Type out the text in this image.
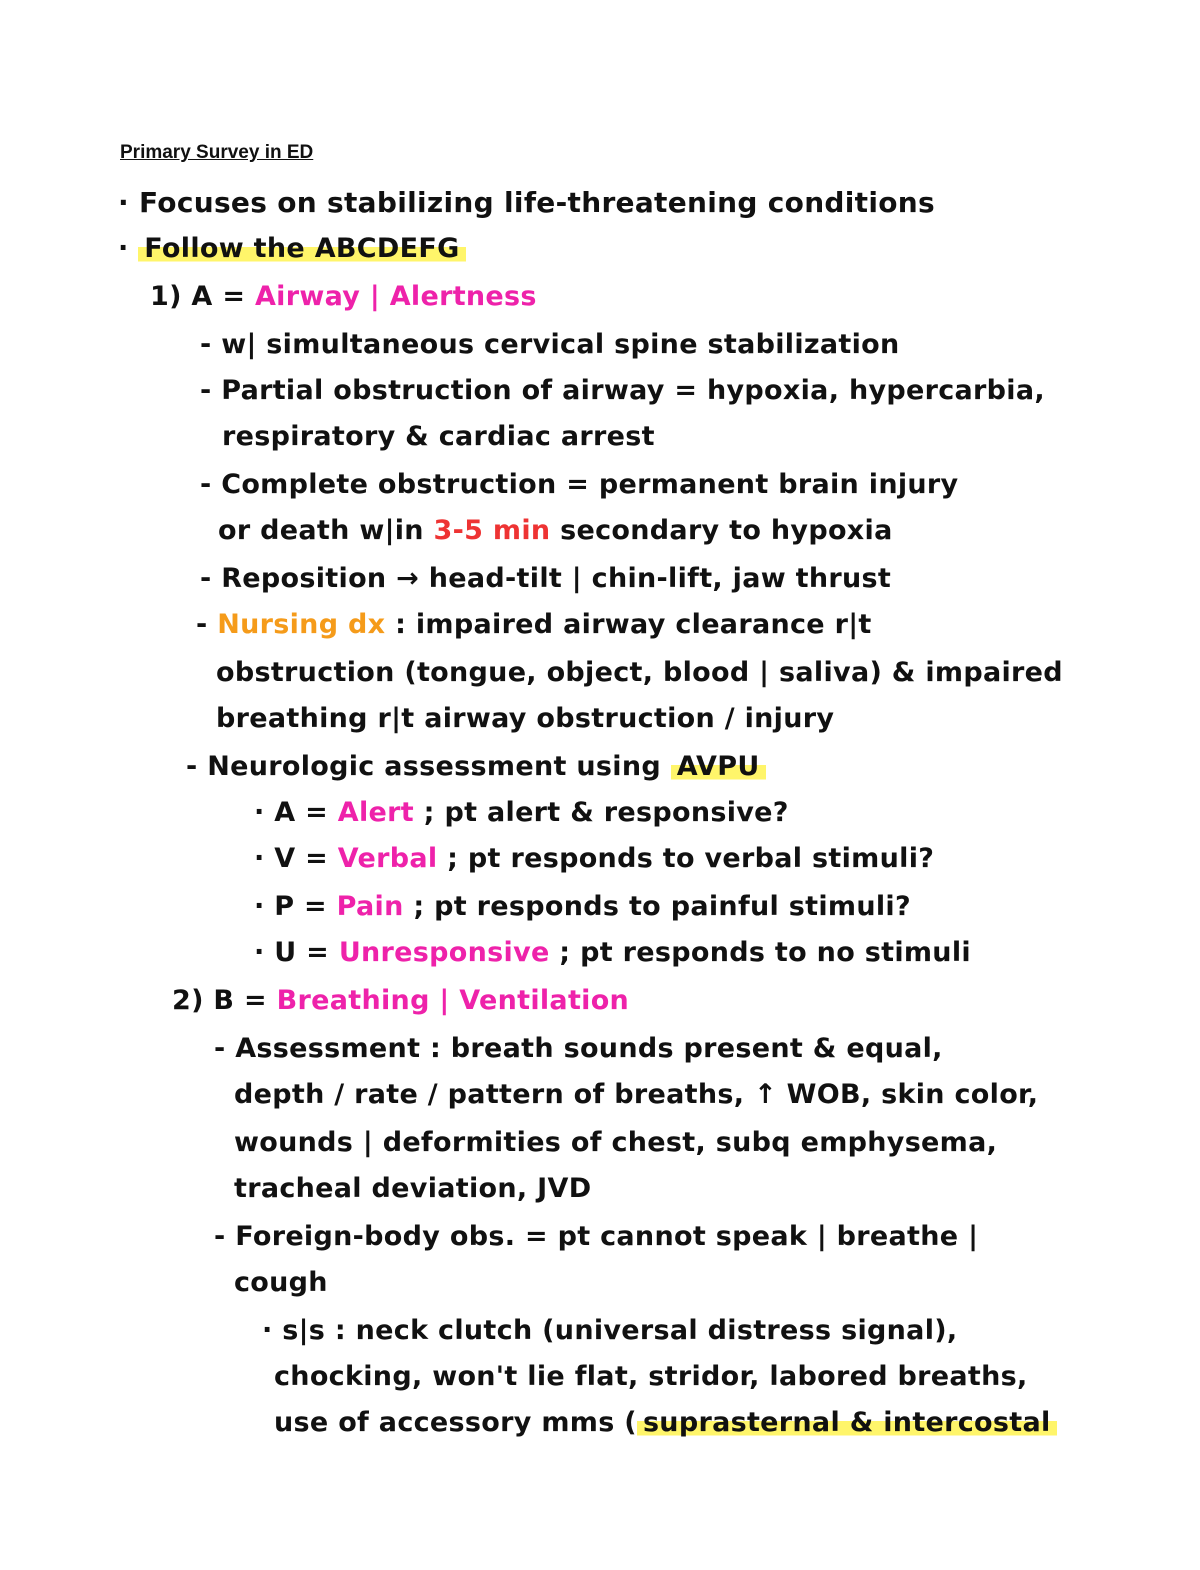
Primary Survey in ED
· Focuses on stabilizing life-threatening conditions
· Follow the ABCDEFG
1) A = Airway | Alertness
- w| simultaneous cervical spine stabilization
- Partial obstruction of airway = hypoxia, hypercarbia,
respiratory & cardiac arrest
- Complete obstruction = permanent brain injury
or death w|in 3-5 min secondary to hypoxia
- Reposition → head-tilt | chin-lift, jaw thrust
- Nursing dx : impaired airway clearance r|t
obstruction (tongue, object, blood | saliva) & impaired
breathing r|t airway obstruction / injury
- Neurologic assessment using AVPU
· A = Alert ; pt alert & responsive?
· V = Verbal ; pt responds to verbal stimuli?
· P = Pain ; pt responds to painful stimuli?
· U = Unresponsive ; pt responds to no stimuli
2) B = Breathing | Ventilation
- Assessment : breath sounds present & equal,
depth / rate / pattern of breaths, ↑ WOB, skin color,
wounds | deformities of chest, subq emphysema,
tracheal deviation, JVD
- Foreign-body obs. = pt cannot speak | breathe |
cough
· s|s : neck clutch (universal distress signal),
chocking, won't lie flat, stridor, labored breaths,
use of accessory mms ( suprasternal & intercostal
